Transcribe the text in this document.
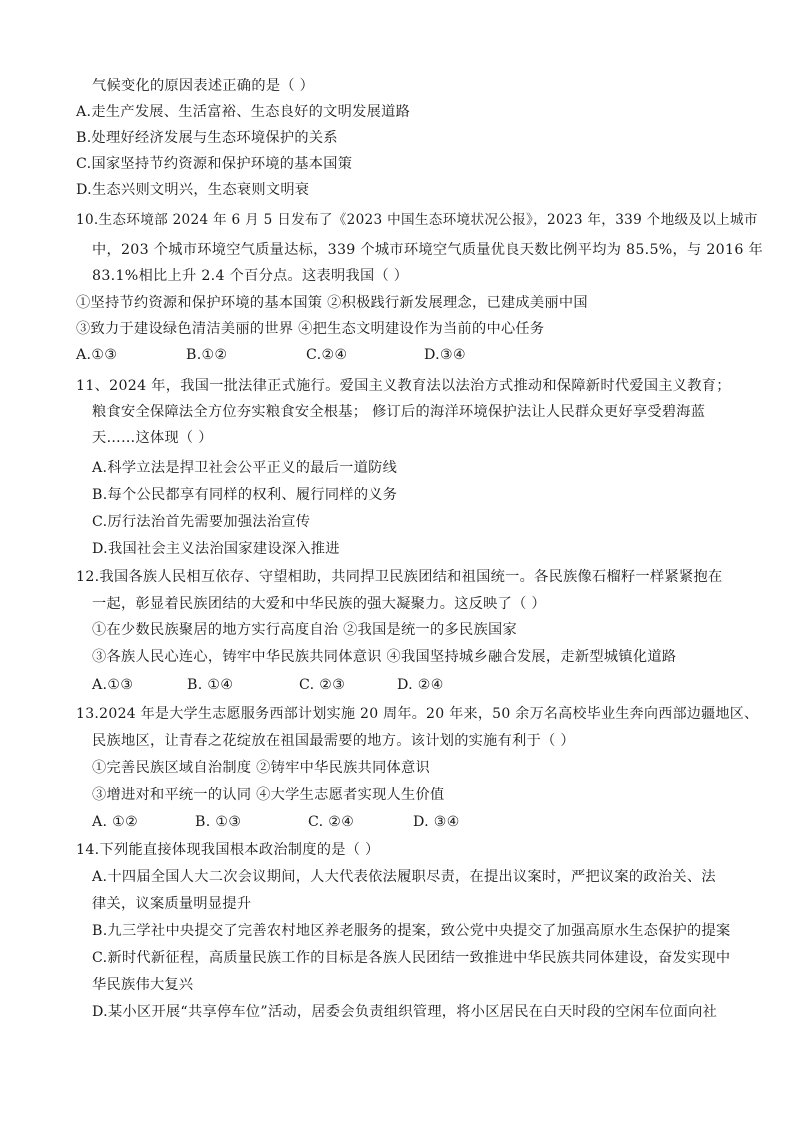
气候变化的原因表述正确的是（ ）
A.走生产发展、生活富裕、生态良好的文明发展道路
B.处理好经济发展与生态环境保护的关系
C.国家坚持节约资源和保护环境的基本国策
D.生态兴则文明兴，生态衰则文明衰
10.生态环境部 2024 年 6 月 5 日发布了《2023 中国生态环境状况公报》，2023 年，339 个地级及以上城市
中，203 个城市环境空气质量达标，339 个城市环境空气质量优良天数比例平均为 85.5%，与 2016 年
83.1%相比上升 2.4 个百分点。这表明我国（ ）
①坚持节约资源和保护环境的基本国策 ②积极践行新发展理念，已建成美丽中国
③致力于建设绿色清洁美丽的世界 ④把生态文明建设作为当前的中心任务
A.①③	B.①②	C.②④	D.③④
11、2024 年，我国一批法律正式施行。爱国主义教育法以法治方式推动和保障新时代爱国主义教育；
粮食安全保障法全方位夯实粮食安全根基； 修订后的海洋环境保护法让人民群众更好享受碧海蓝
天……这体现（ ）
A.科学立法是捍卫社会公平正义的最后一道防线
B.每个公民都享有同样的权利、履行同样的义务
C.厉行法治首先需要加强法治宣传
D.我国社会主义法治国家建设深入推进
12.我国各族人民相互依存、守望相助，共同捍卫民族团结和祖国统一。各民族像石榴籽一样紧紧抱在
一起，彰显着民族团结的大爱和中华民族的强大凝聚力。这反映了（ ）
①在少数民族聚居的地方实行高度自治 ②我国是统一的多民族国家
③各族人民心连心，铸牢中华民族共同体意识 ④我国坚持城乡融合发展，走新型城镇化道路
A.①③	B. ①④	C. ②③	D. ②④
13.2024 年是大学生志愿服务西部计划实施 20 周年。20 年来，50 余万名高校毕业生奔向西部边疆地区、
民族地区，让青春之花绽放在祖国最需要的地方。该计划的实施有利于（ ）
①完善民族区域自治制度 ②铸牢中华民族共同体意识
③增进对和平统一的认同 ④大学生志愿者实现人生价值
A. ①②	B. ①③	C. ②④	D. ③④
14.下列能直接体现我国根本政治制度的是（ ）
A.十四届全国人大二次会议期间，人大代表依法履职尽责，在提出议案时，严把议案的政治关、法
律关，议案质量明显提升
B.九三学社中央提交了完善农村地区养老服务的提案，致公党中央提交了加强高原水生态保护的提案
C.新时代新征程，高质量民族工作的目标是各族人民团结一致推进中华民族共同体建设，奋发实现中
华民族伟大复兴
D.某小区开展“共享停车位”活动，居委会负责组织管理，将小区居民在白天时段的空闲车位面向社
